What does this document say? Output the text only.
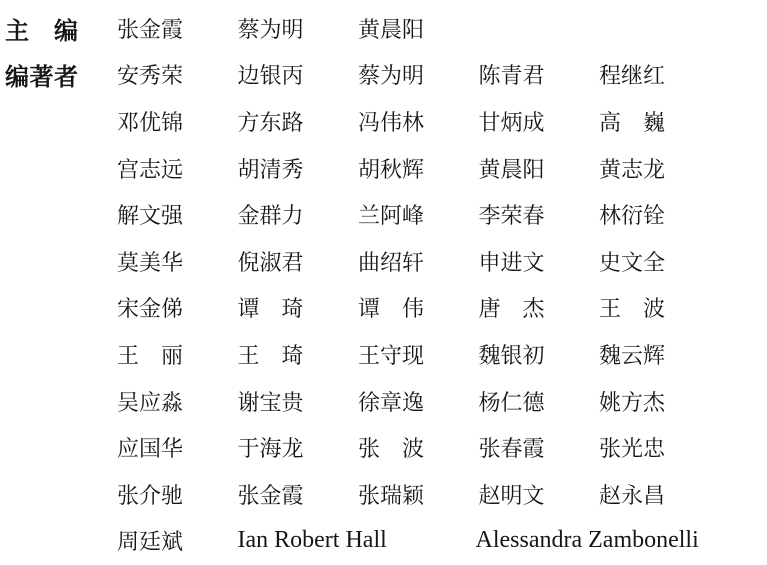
主　编	张金霞	蔡为明	黄晨阳
编著者	安秀荣	边银丙	蔡为明	陈青君	程继红
邓优锦	方东路	冯伟林	甘炳成	高　巍
宫志远	胡清秀	胡秋辉	黄晨阳	黄志龙
解文强	金群力	兰阿峰	李荣春	林衍铨
莫美华	倪淑君	曲绍轩	申进文	史文全
宋金俤	谭　琦	谭　伟	唐　杰	王　波
王　丽	王　琦	王守现	魏银初	魏云辉
吴应淼	谢宝贵	徐章逸	杨仁德	姚方杰
应国华	于海龙	张　波	张春霞	张光忠
张介驰	张金霞	张瑞颖	赵明文	赵永昌
周廷斌	Ian Robert Hall	Alessandra Zambonelli
